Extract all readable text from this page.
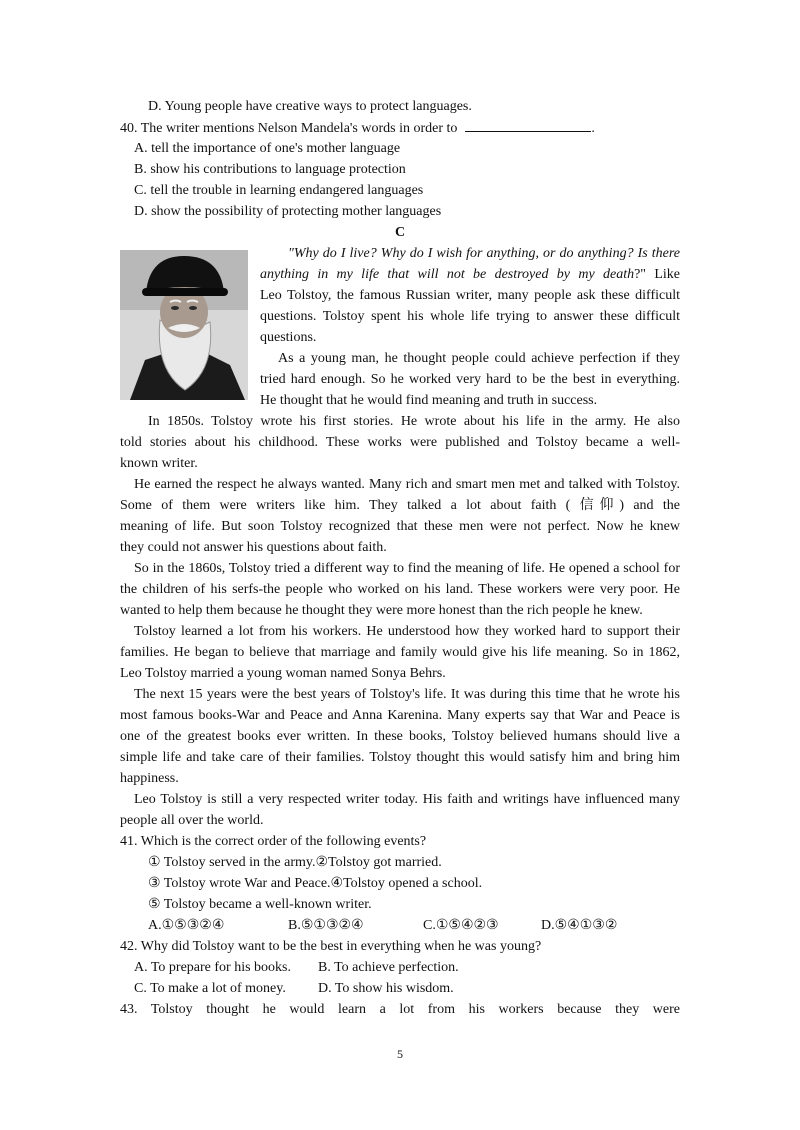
D. Young people have creative ways to protect languages.
40. The writer mentions Nelson Mandela's words in order to	.
A. tell the importance of one's mother language
B. show his contributions to language protection
C. tell the trouble in learning endangered languages
D. show the possibility of protecting mother languages
C
"Why do I live? Why do I wish for anything, or do anything? Is there
anything in my life that will not be destroyed by my death?" Like
Leo Tolstoy, the famous Russian writer, many people ask these difficult
questions. Tolstoy spent his whole life trying to answer these difficult
questions.
As a young man, he thought people could achieve perfection if they
tried hard enough. So he worked very hard to be the best in everything.
He thought that he would find meaning and truth in success.
In 1850s. Tolstoy wrote his first stories. He wrote about his life in the army. He also
told stories about his childhood. These works were published and Tolstoy became a well-
known writer.
He earned the respect he always wanted. Many rich and smart men met and talked with Tolstoy.
Some of them were writers like him. They talked a lot about faith ( 信仰) and the
meaning of life. But soon Tolstoy recognized that these men were not perfect. Now he knew
they could not answer his questions about faith.
So in the 1860s, Tolstoy tried a different way to find the meaning of life. He opened a school for
the children of his serfs-the people who worked on his land. These workers were very poor. He
wanted to help them because he thought they were more honest than the rich people he knew.
Tolstoy learned a lot from his workers. He understood how they worked hard to support their
families. He began to believe that marriage and family would give his life meaning. So in 1862,
Leo Tolstoy married a young woman named Sonya Behrs.
The next 15 years were the best years of Tolstoy's life. It was during this time that he wrote his
most famous books-War and Peace and Anna Karenina. Many experts say that War and Peace is
one of the greatest books ever written. In these books, Tolstoy believed humans should live a
simple life and take care of their families. Tolstoy thought this would satisfy him and bring him
happiness.
Leo Tolstoy is still a very respected writer today. His faith and writings have influenced many
people all over the world.
41. Which is the correct order of the following events?
① Tolstoy served in the army.②Tolstoy got married.
③ Tolstoy wrote War and Peace.④Tolstoy opened a school.
⑤ Tolstoy became a well-known writer.
A.①⑤③②④	B.⑤①③②④	C.①⑤④②③	D.⑤④①③②
42. Why did Tolstoy want to be the best in everything when he was young?
A. To prepare for his books. B. To achieve perfection.
C. To make a lot of money. D. To show his wisdom.
43. Tolstoy thought he would learn a lot from his workers because they were
5
